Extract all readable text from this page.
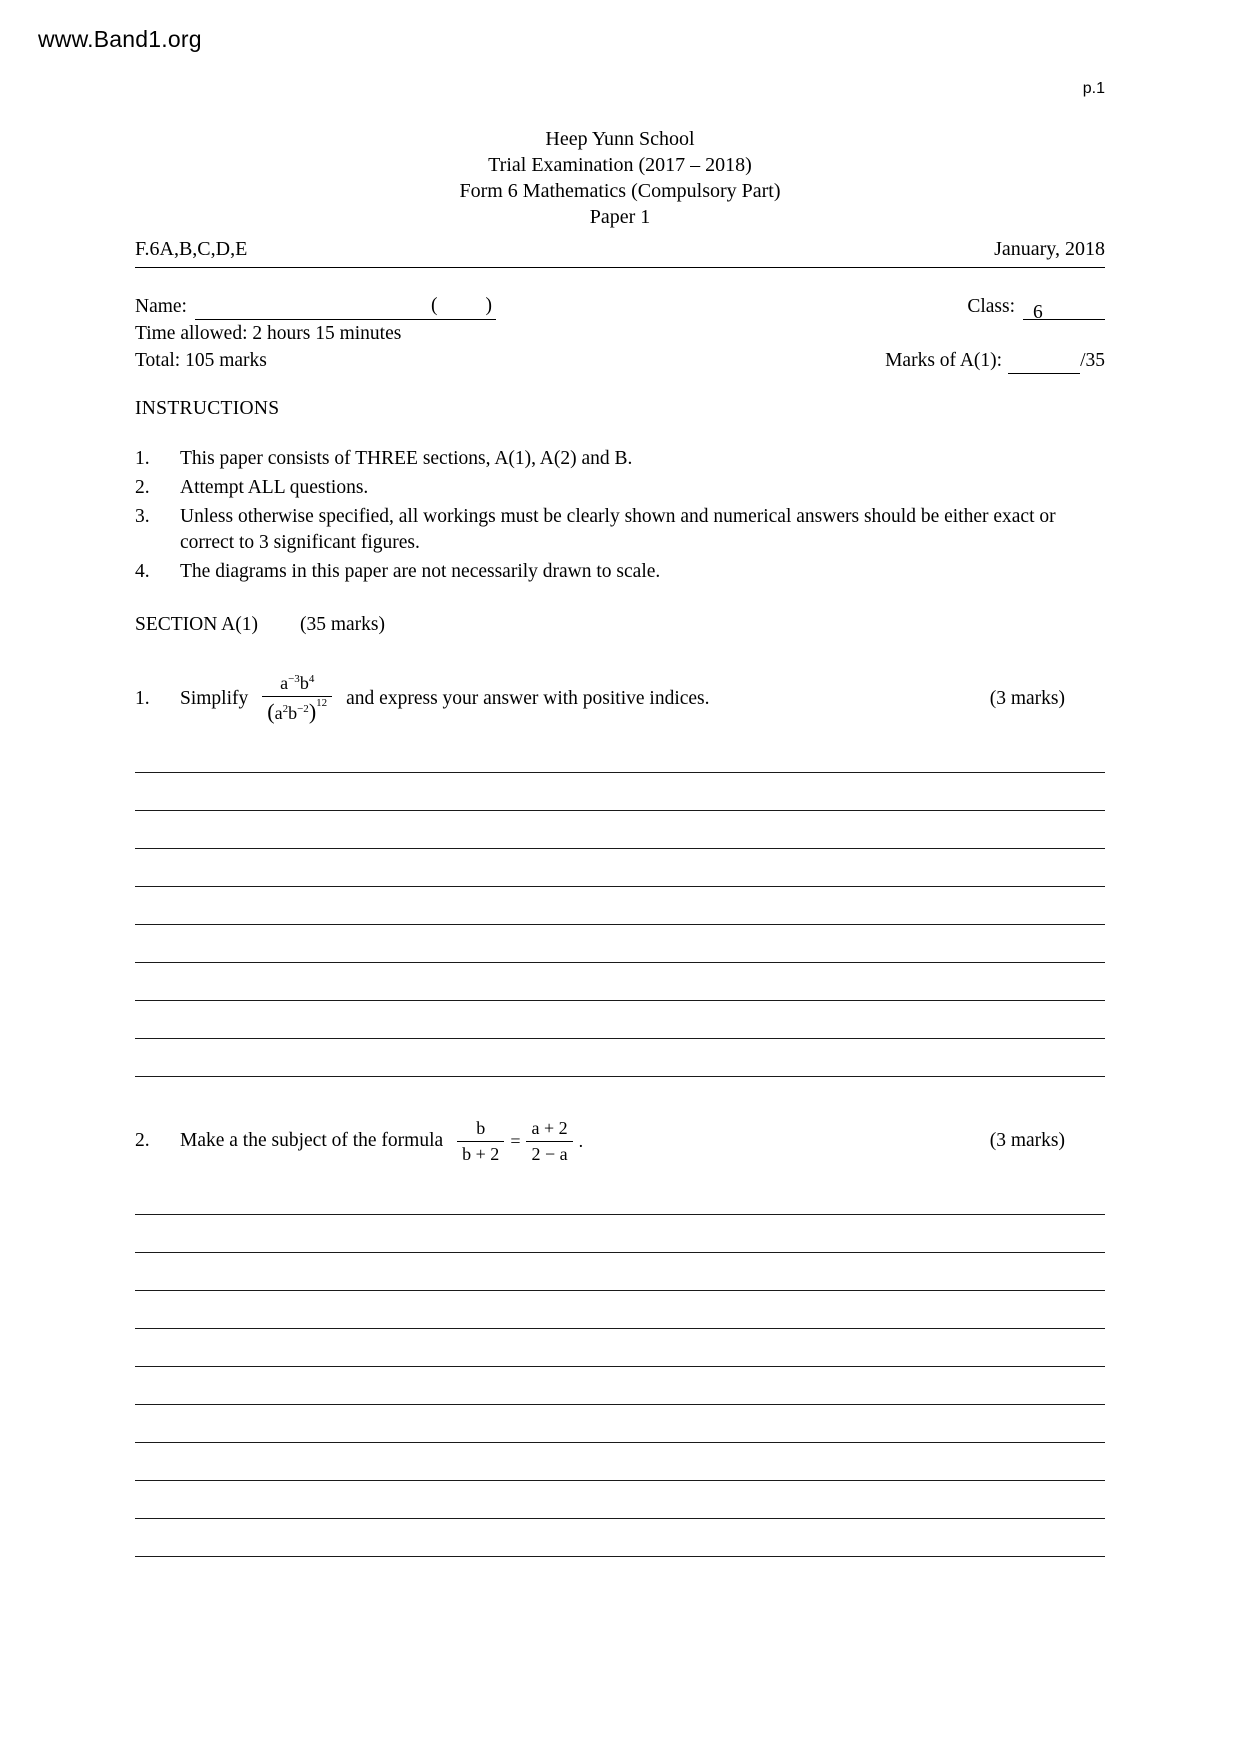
www.Band1.org
p.1
Heep Yunn School
Trial Examination (2017 – 2018)
Form 6 Mathematics (Compulsory Part)
Paper 1
F.6A,B,C,D,E	January, 2018
Name:	( )	Class: 6
Time allowed: 2 hours 15 minutes
Total: 105 marks	Marks of A(1):	/35
INSTRUCTIONS
1.	This paper consists of THREE sections, A(1), A(2) and B.
2.	Attempt ALL questions.
3.	Unless otherwise specified, all workings must be clearly shown and numerical answers should be either exact or correct to 3 significant figures.
4.	The diagrams in this paper are not necessarily drawn to scale.
SECTION A(1) (35 marks)
1.	Simplify $\frac{a^{-3}b^4}{(a^2b^{-2})^{12}}$ and express your answer with positive indices.	(3 marks)
2.	Make a the subject of the formula $\frac{b}{b + 2} = \frac{a + 2}{2 - a}$ .	(3 marks)
